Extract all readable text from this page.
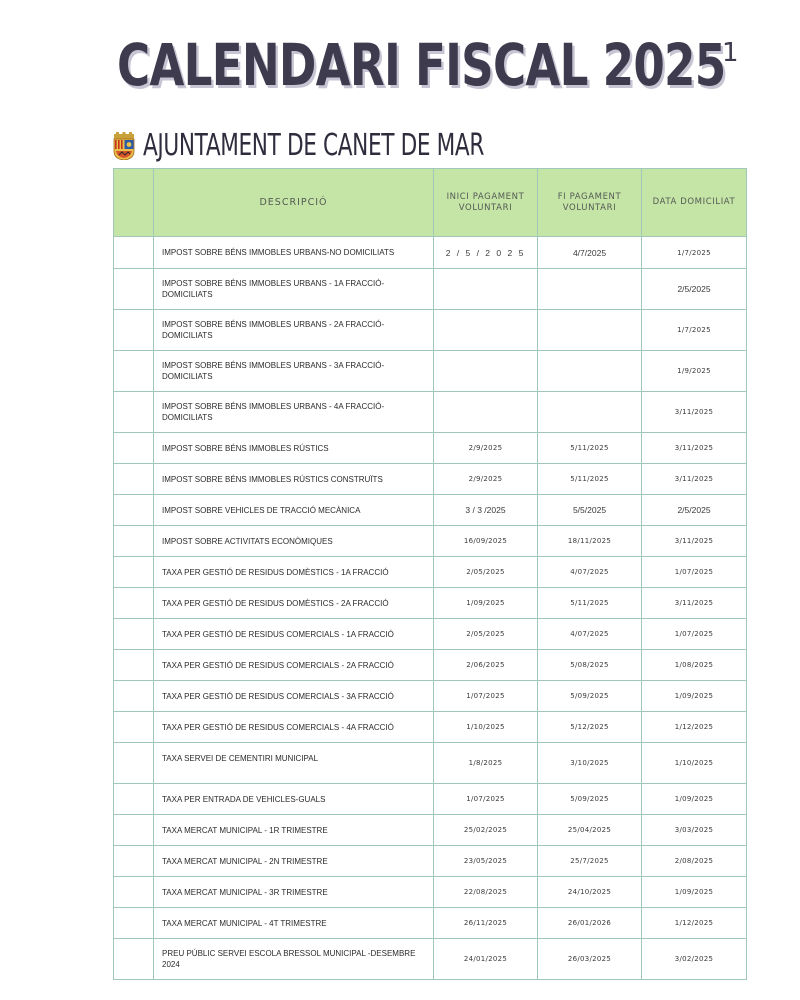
CALENDARI FISCAL 2025
1
AJUNTAMENT DE CANET DE MAR
	DESCRIPCIÓ	INICI PAGAMENT VOLUNTARI	FI PAGAMENT VOLUNTARI	DATA DOMICILIAT
	IMPOST SOBRE BÉNS IMMOBLES URBANS-NO DOMICILIATS	2 / 5 / 2 0 2 5	4/7/2025	1/7/2025
	IMPOST SOBRE BÉNS IMMOBLES URBANS - 1A FRACCIÓ-DOMICILIATS			2/5/2025
	IMPOST SOBRE BÉNS IMMOBLES URBANS - 2A FRACCIÓ-DOMICILIATS			1/7/2025
	IMPOST SOBRE BÉNS IMMOBLES URBANS - 3A FRACCIÓ-DOMICILIATS			1/9/2025
	IMPOST SOBRE BÉNS IMMOBLES URBANS - 4A FRACCIÓ-DOMICILIATS			3/11/2025
	IMPOST SOBRE BÉNS IMMOBLES RÚSTICS	2/9/2025	5/11/2025	3/11/2025
	IMPOST SOBRE BÉNS IMMOBLES RÚSTICS CONSTRUÏTS	2/9/2025	5/11/2025	3/11/2025
	IMPOST SOBRE VEHICLES DE TRACCIÓ MECÀNICA	3 / 3 /2025	5/5/2025	2/5/2025
	IMPOST SOBRE ACTIVITATS ECONÒMIQUES	16/09/2025	18/11/2025	3/11/2025
	TAXA PER GESTIÓ DE RESIDUS DOMÈSTICS - 1A FRACCIÓ	2/05/2025	4/07/2025	1/07/2025
	TAXA PER GESTIÓ DE RESIDUS DOMÈSTICS - 2A FRACCIÓ	1/09/2025	5/11/2025	3/11/2025
	TAXA PER GESTIÓ DE RESIDUS COMERCIALS - 1A FRACCIÓ	2/05/2025	4/07/2025	1/07/2025
	TAXA PER GESTIÓ DE RESIDUS COMERCIALS - 2A FRACCIÓ	2/06/2025	5/08/2025	1/08/2025
	TAXA PER GESTIÓ DE RESIDUS COMERCIALS - 3A FRACCIÓ	1/07/2025	5/09/2025	1/09/2025
	TAXA PER GESTIÓ DE RESIDUS COMERCIALS - 4A FRACCIÓ	1/10/2025	5/12/2025	1/12/2025
	TAXA SERVEI DE CEMENTIRI MUNICIPAL	1/8/2025	3/10/2025	1/10/2025
	TAXA PER ENTRADA DE VEHICLES-GUALS	1/07/2025	5/09/2025	1/09/2025
	TAXA MERCAT MUNICIPAL - 1R TRIMESTRE	25/02/2025	25/04/2025	3/03/2025
	TAXA MERCAT MUNICIPAL - 2N TRIMESTRE	23/05/2025	25/7/2025	2/08/2025
	TAXA MERCAT MUNICIPAL - 3R TRIMESTRE	22/08/2025	24/10/2025	1/09/2025
	TAXA MERCAT MUNICIPAL - 4T TRIMESTRE	26/11/2025	26/01/2026	1/12/2025
	PREU PÚBLIC SERVEI ESCOLA BRESSOL MUNICIPAL -DESEMBRE 2024	24/01/2025	26/03/2025	3/02/2025
